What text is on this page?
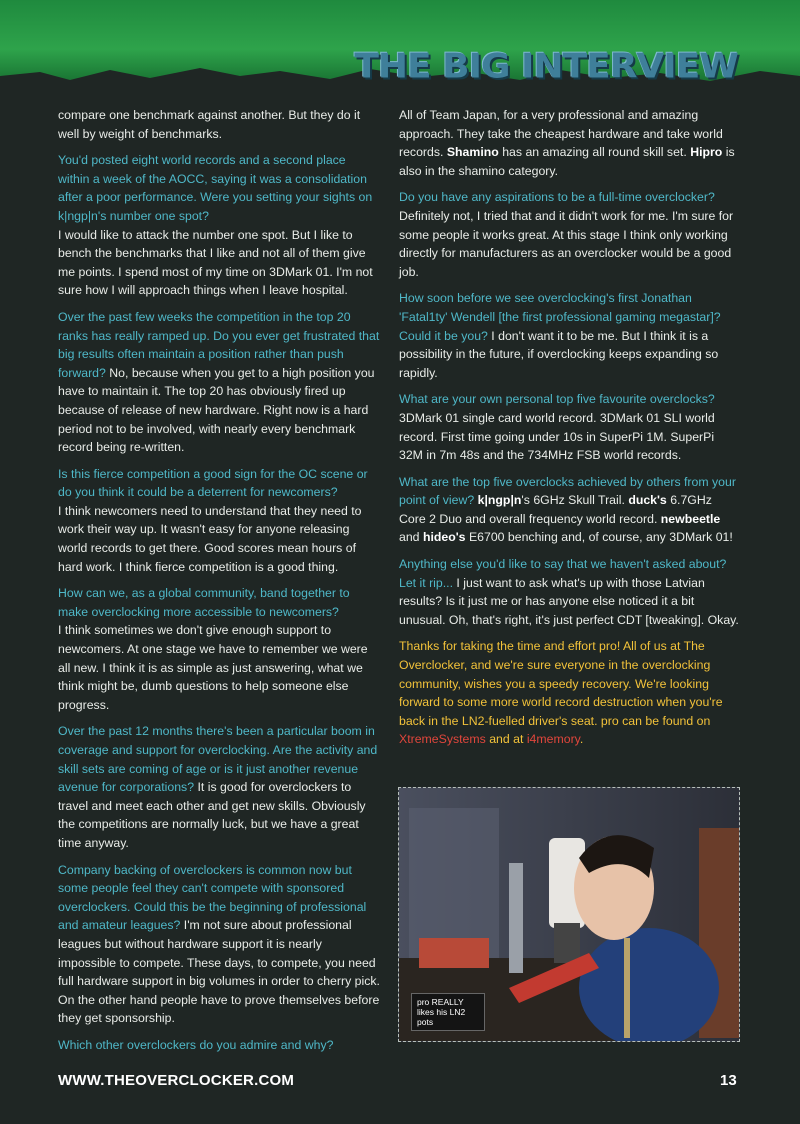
THE BIG INTERVIEW

compare one benchmark against another. But they do it well by weight of benchmarks.

You'd posted eight world records and a second place within a week of the AOCC, saying it was a consolidation after a poor performance. Were you setting your sights on k|ngp|n's number one spot?
I would like to attack the number one spot. But I like to bench the benchmarks that I like and not all of them give me points. I spend most of my time on 3DMark 01. I'm not sure how I will approach things when I leave hospital.

Over the past few weeks the competition in the top 20 ranks has really ramped up. Do you ever get frustrated that big results often maintain a position rather than push forward? No, because when you get to a high position you have to maintain it. The top 20 has obviously fired up because of release of new hardware. Right now is a hard period not to be involved, with nearly every benchmark record being re-written.

Is this fierce competition a good sign for the OC scene or do you think it could be a deterrent for newcomers?
I think newcomers need to understand that they need to work their way up. It wasn't easy for anyone releasing world records to get there. Good scores mean hours of hard work. I think fierce competition is a good thing.

How can we, as a global community, band together to make overclocking more accessible to newcomers?
I think sometimes we don't give enough support to newcomers. At one stage we have to remember we were all new. I think it is as simple as just answering, what we think might be, dumb questions to help someone else progress.

Over the past 12 months there's been a particular boom in coverage and support for overclocking. Are the activity and skill sets are coming of age or is it just another revenue avenue for corporations? It is good for overclockers to travel and meet each other and get new skills. Obviously the competitions are normally luck, but we have a great time anyway.

Company backing of overclockers is common now but some people feel they can't compete with sponsored overclockers. Could this be the beginning of professional and amateur leagues? I'm not sure about professional leagues but without hardware support it is nearly impossible to compete. These days, to compete, you need full hardware support in big volumes in order to cherry pick. On the other hand people have to prove themselves before they get sponsorship.

Which other overclockers do you admire and why?

All of Team Japan, for a very professional and amazing approach. They take the cheapest hardware and take world records. Shamino has an amazing all round skill set. Hipro is also in the shamino category.

Do you have any aspirations to be a full-time overclocker?
Definitely not, I tried that and it didn't work for me. I'm sure for some people it works great. At this stage I think only working directly for manufacturers as an overclocker would be a good job.

How soon before we see overclocking's first Jonathan 'Fatal1ty' Wendell [the first professional gaming megastar]? Could it be you? I don't want it to be me. But I think it is a possibility in the future, if overclocking keeps expanding so rapidly.

What are your own personal top five favourite overclocks?
3DMark 01 single card world record. 3DMark 01 SLI world record. First time going under 10s in SuperPi 1M. SuperPi 32M in 7m 48s and the 734MHz FSB world records.

What are the top five overclocks achieved by others from your point of view? k|ngp|n's 6GHz Skull Trail. duck's 6.7GHz Core 2 Duo and overall frequency world record. newbeetle and hideo's E6700 benching and, of course, any 3DMark 01!

Anything else you'd like to say that we haven't asked about? Let it rip... I just want to ask what's up with those Latvian results? Is it just me or has anyone else noticed it a bit unusual. Oh, that's right, it's just perfect CDT [tweaking]. Okay.

Thanks for taking the time and effort pro! All of us at The Overclocker, and we're sure everyone in the overclocking community, wishes you a speedy recovery. We're looking forward to some more world record destruction when you're back in the LN2-fuelled driver's seat. pro can be found on XtremeSystems and at i4memory.

pro REALLY likes his LN2 pots
WWW.THEOVERCLOCKER.COM	13
